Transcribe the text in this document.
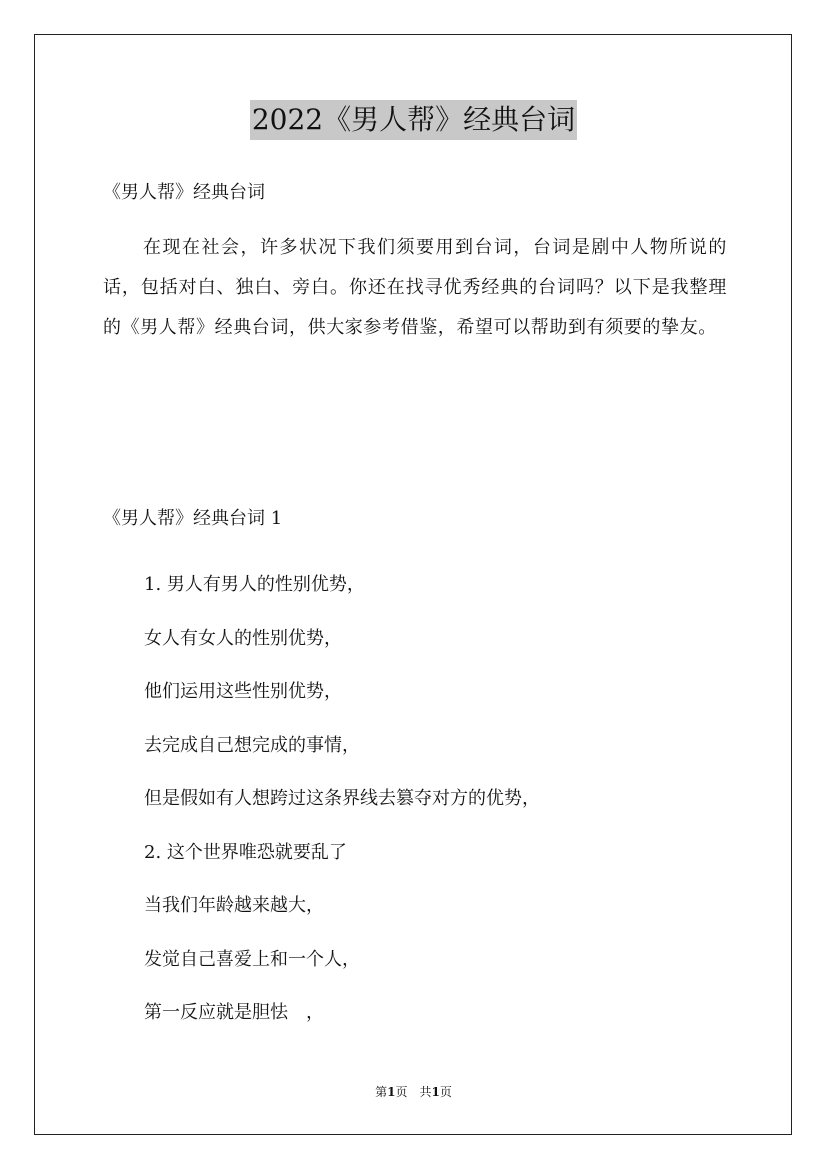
2022《男人帮》经典台词
《男人帮》经典台词
在现在社会，许多状况下我们须要用到台词，台词是剧中人物所说的话，包括对白、独白、旁白。你还在找寻优秀经典的台词吗？以下是我整理的《男人帮》经典台词，供大家参考借鉴，希望可以帮助到有须要的挚友。
《男人帮》经典台词 1
1. 男人有男人的性别优势，
女人有女人的性别优势，
他们运用这些性别优势，
去完成自己想完成的事情，
但是假如有人想跨过这条界线去篡夺对方的优势，
2. 这个世界唯恐就要乱了
当我们年龄越来越大，
发觉自己喜爱上和一个人，
第一反应就是胆怯　，
第1页　共1页
